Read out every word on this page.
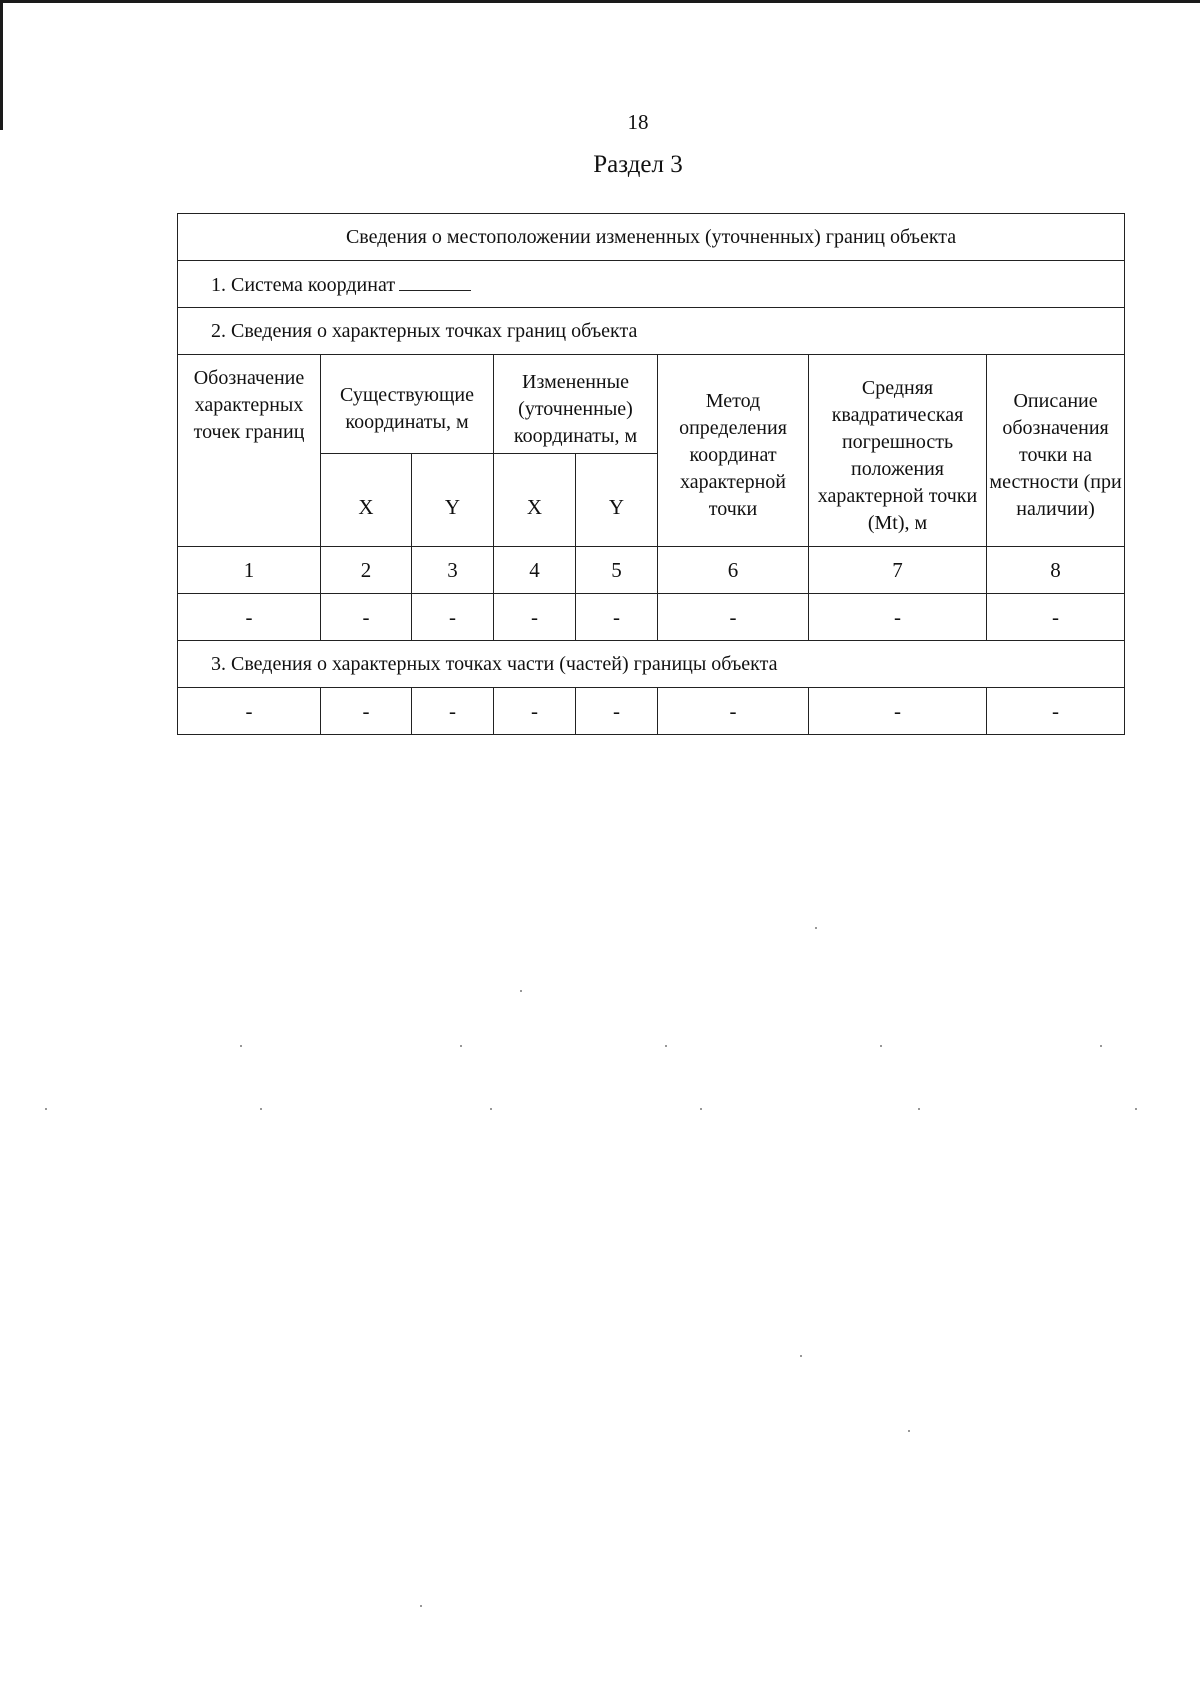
18
Раздел 3
Сведения о местоположении измененных (уточненных) границ объекта							
1. Система координат							
2. Сведения о характерных точках границ объекта							
Обозначение характерных точек границ	Существующие координаты, м		Измененные (уточненные) координаты, м		Метод определения координат характерной точки	Средняя квадратическая погрешность положения характерной точки (Mt), м	Описание обозначения точки на местности (при наличии)
	X	Y	X	Y			
1	2	3	4	5	6	7	8
-	-	-	-	-	-	-	-
3. Сведения о характерных точках части (частей) границы объекта							
-	-	-	-	-	-	-	-
